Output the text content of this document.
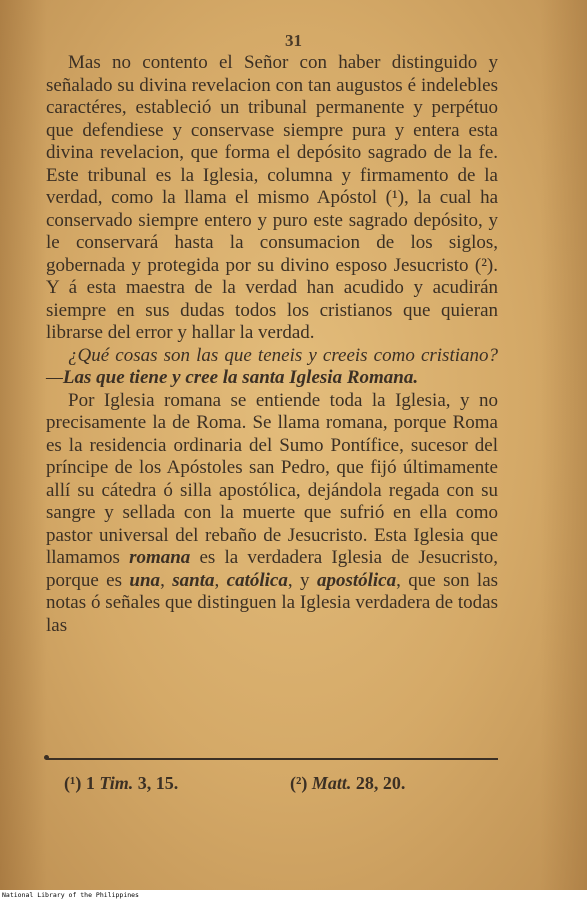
31

Mas no contento el Señor con haber distinguido y señalado su divina revelacion con tan augustos é indelebles caractéres, estableció un tribunal permanente y perpétuo que defendiese y conservase siempre pura y entera esta divina revelacion, que forma el depósito sagrado de la fe. Este tribunal es la Iglesia, columna y firmamento de la verdad, como la llama el mismo Apóstol (¹), la cual ha conservado siempre entero y puro este sagrado depósito, y le conservará hasta la consumacion de los siglos, gobernada y protegida por su divino esposo Jesucristo (²). Y á esta maestra de la verdad han acudido y acudirán siempre en sus dudas todos los cristianos que quieran librarse del error y hallar la verdad.

¿Qué cosas son las que teneis y creeis como cristiano?—Las que tiene y cree la santa Iglesia Romana.

Por Iglesia romana se entiende toda la Iglesia, y no precisamente la de Roma. Se llama romana, porque Roma es la residencia ordinaria del Sumo Pontífice, sucesor del príncipe de los Apóstoles san Pedro, que fijó últimamente allí su cátedra ó silla apostólica, dejándola regada con su sangre y sellada con la muerte que sufrió en ella como pastor universal del rebaño de Jesucristo. Esta Iglesia que llamamos romana es la verdadera Iglesia de Jesucristo, porque es una, santa, católica, y apostólica, que son las notas ó señales que distinguen la Iglesia verdadera de todas las

(¹) 1 Tim. 3, 15.	(²) Matt. 28, 20.
National Library of the Philippines
